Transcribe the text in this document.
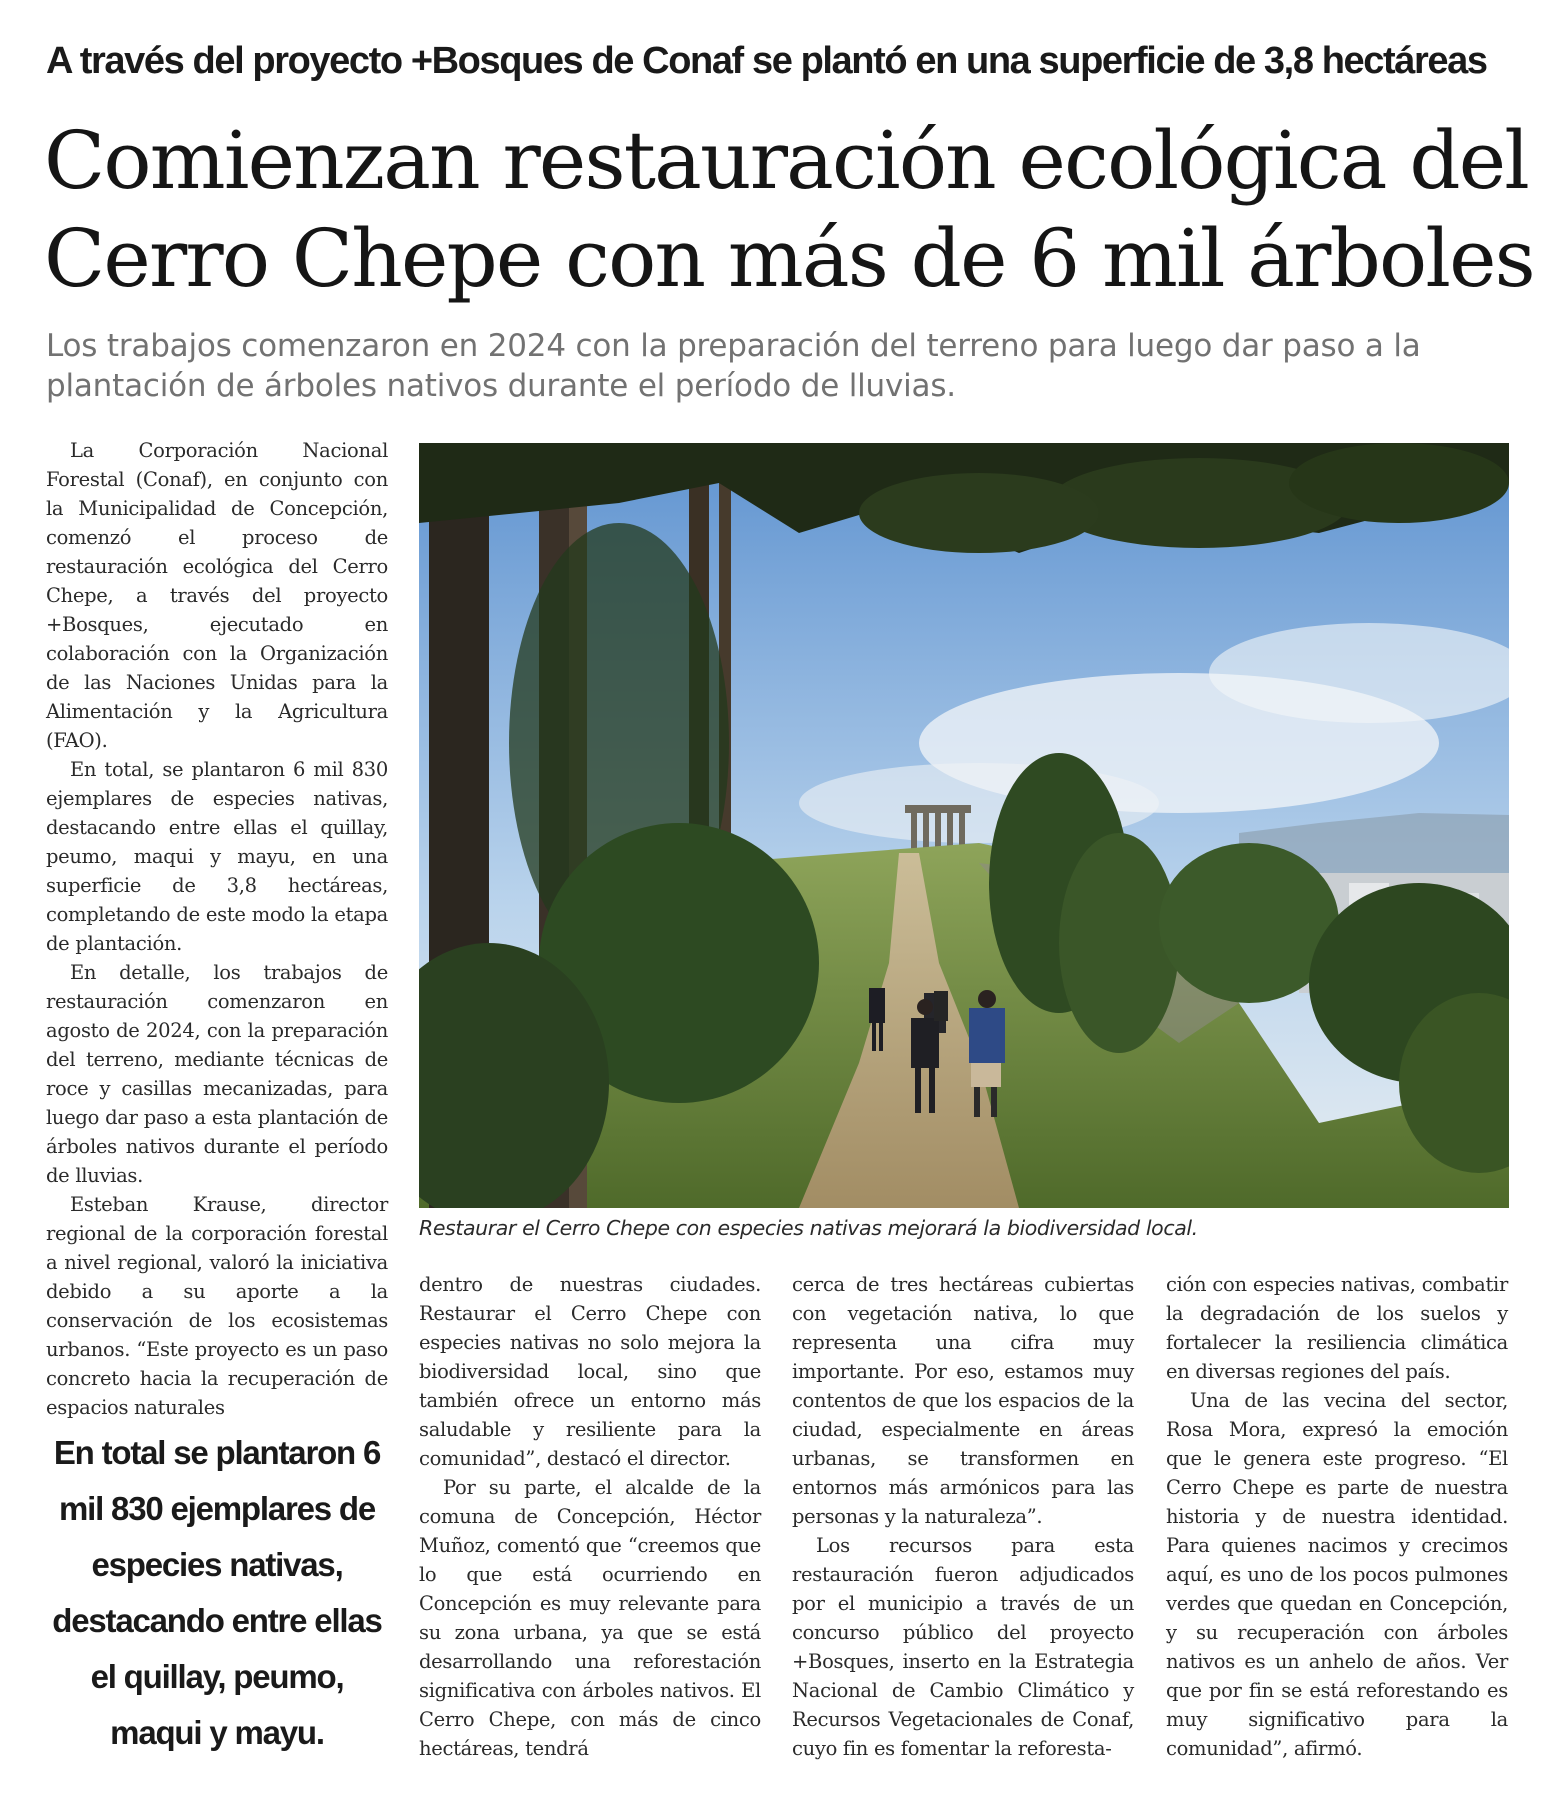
A través del proyecto +Bosques de Conaf se plantó en una superficie de 3,8 hectáreas
Comienzan restauración ecológica del
Cerro Chepe con más de 6 mil árboles
Los trabajos comenzaron en 2024 con la preparación del terreno para luego dar paso a la
plantación de árboles nativos durante el período de lluvias.

La Corporación Nacional Forestal (Conaf), en conjunto con la Municipalidad de Concepción, comenzó el proceso de restauración ecológica del Cerro Chepe, a través del proyecto +Bosques, ejecutado en colaboración con la Organización de las Naciones Unidas para la Alimentación y la Agricultura (FAO).

En total, se plantaron 6 mil 830 ejemplares de especies nativas, destacando entre ellas el quillay, peumo, maqui y mayu, en una superficie de 3,8 hectáreas, completando de este modo la etapa de plantación.

En detalle, los trabajos de restauración comenzaron en agosto de 2024, con la preparación del terreno, mediante técnicas de roce y casillas mecanizadas, para luego dar paso a esta plantación de árboles nativos durante el período de lluvias.

Esteban Krause, director regional de la corporación forestal a nivel regional, valoró la iniciativa debido a su aporte a la conservación de los ecosistemas urbanos. “Este proyecto es un paso concreto hacia la recuperación de espacios naturales

Restaurar el Cerro Chepe con especies nativas mejorará la biodiversidad local.

dentro de nuestras ciudades. Restaurar el Cerro Chepe con especies nativas no solo mejora la biodiversidad local, sino que también ofrece un entorno más saludable y resiliente para la comunidad”, destacó el director.

Por su parte, el alcalde de la comuna de Concepción, Héctor Muñoz, comentó que “creemos que lo que está ocurriendo en Concepción es muy relevante para su zona urbana, ya que se está desarrollando una reforestación significativa con árboles nativos. El Cerro Chepe, con más de cinco hectáreas, tendrá

cerca de tres hectáreas cubiertas con vegetación nativa, lo que representa una cifra muy importante. Por eso, estamos muy contentos de que los espacios de la ciudad, especialmente en áreas urbanas, se transformen en entornos más armónicos para las personas y la naturaleza”.

Los recursos para esta restauración fueron adjudicados por el municipio a través de un concurso público del proyecto +Bosques, inserto en la Estrategia Nacional de Cambio Climático y Recursos Vegetacionales de Conaf, cuyo fin es fomentar la reforesta-

ción con especies nativas, combatir la degradación de los suelos y fortalecer la resiliencia climática en diversas regiones del país.

Una de las vecina del sector, Rosa Mora, expresó la emoción que le genera este progreso. “El Cerro Chepe es parte de nuestra historia y de nuestra identidad. Para quienes nacimos y crecimos aquí, es uno de los pocos pulmones verdes que quedan en Concepción, y su recuperación con árboles nativos es un anhelo de años. Ver que por fin se está reforestando es muy significativo para la comunidad”, afirmó.

En total se plantaron 6 mil 830 ejemplares de especies nativas, destacando entre ellas el quillay, peumo, maqui y mayu.
